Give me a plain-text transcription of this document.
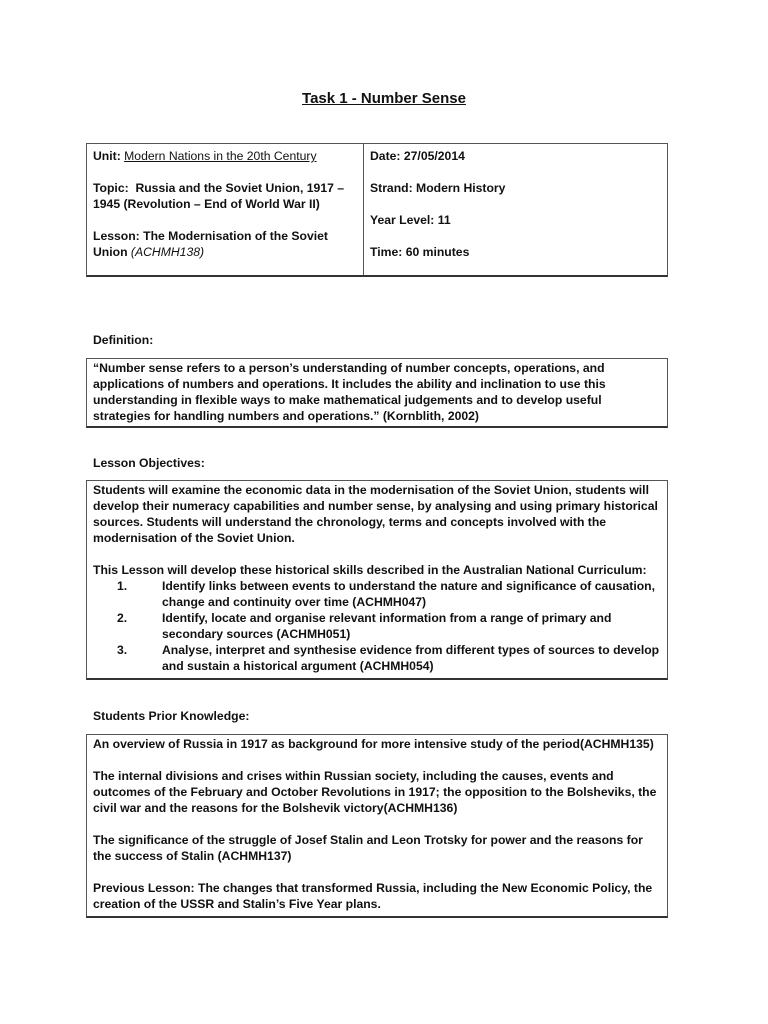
Task 1 - Number Sense

Unit: Modern Nations in the 20th Century

Topic: Russia and the Soviet Union, 1917 – 1945 (Revolution – End of World War II)

Lesson: The Modernisation of the Soviet Union (ACHMH138)

Date: 27/05/2014

Strand: Modern History

Year Level: 11

Time: 60 minutes

Definition:

“Number sense refers to a person’s understanding of number concepts, operations, and applications of numbers and operations. It includes the ability and inclination to use this understanding in flexible ways to make mathematical judgements and to develop useful strategies for handling numbers and operations.” (Kornblith, 2002)

Lesson Objectives:

Students will examine the economic data in the modernisation of the Soviet Union, students will develop their numeracy capabilities and number sense, by analysing and using primary historical sources. Students will understand the chronology, terms and concepts involved with the modernisation of the Soviet Union.

This Lesson will develop these historical skills described in the Australian National Curriculum:

1.	Identify links between events to understand the nature and significance of causation, change and continuity over time (ACHMH047)
2.	Identify, locate and organise relevant information from a range of primary and secondary sources (ACHMH051)
3.	Analyse, interpret and synthesise evidence from different types of sources to develop and sustain a historical argument (ACHMH054)
Students Prior Knowledge:

An overview of Russia in 1917 as background for more intensive study of the period(ACHMH135)

The internal divisions and crises within Russian society, including the causes, events and outcomes of the February and October Revolutions in 1917; the opposition to the Bolsheviks, the civil war and the reasons for the Bolshevik victory(ACHMH136)

The significance of the struggle of Josef Stalin and Leon Trotsky for power and the reasons for the success of Stalin (ACHMH137)

Previous Lesson: The changes that transformed Russia, including the New Economic Policy, the creation of the USSR and Stalin’s Five Year plans.
